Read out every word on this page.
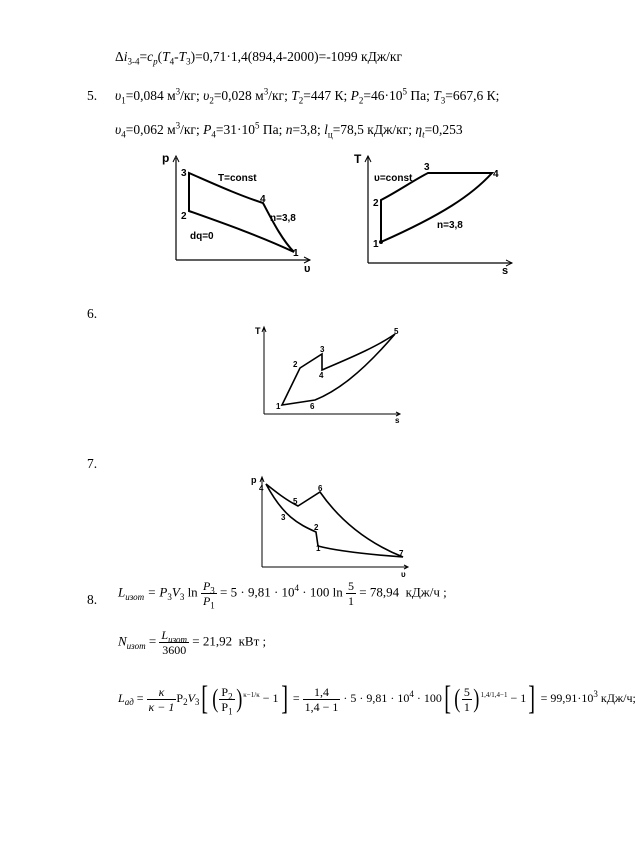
$\Delta i_{3-4}=c_p(T_4-T_3)=0,71\cdot 1,4(894,4-2000)=-1099$ кДж/кг
5. $\upsilon_1=0,084$ $м^3/кг$; $\upsilon_2=0,028$ $м^3/кг$; $T_2=447$ К; $P_2=46\cdot 10^5$ Па; $T_3=667,6$ К;
$\upsilon_4=0,062$ $м^3/кг$; $P_4=31\cdot 10^5$ Па; n=3,8; $l_ц=78,5$ кДж/кг; $\eta_t=0,253$
p
υ
3
2
4
1
T=const
n=3,8
dq=0
T
s
1
2
3
4
υ=const
n=3,8
6.
T
s
1
2
3
4
5
6
7.
p
υ
1
2
3
4
5
6
7
8.
$L_{изот} = P_3V_3$ $\ln \frac{P_3}{P_1} = 5 \cdot 9,81 \cdot 10^4 \cdot 100$ $\ln \frac{5}{1} = 78,94$ кДж/ч ;
$N_{изот} = \frac{L_{изот}}{3600} = 21,92$ кВт ;
$L_{ад} = \frac{\kappa}{\kappa - 1} P_2V_3$[ ( $\frac{P_2}{P_1} )^{\kappa-1/\kappa} - 1] = \frac{1,4}{1,4 - 1} \cdot 5 \cdot 9,81 \cdot 10^4 \cdot 100$[ ( $\frac{5}{1} )^{1,4/1,4-1} - 1] = 99,91\cdot 10^3$ кДж/ч;
